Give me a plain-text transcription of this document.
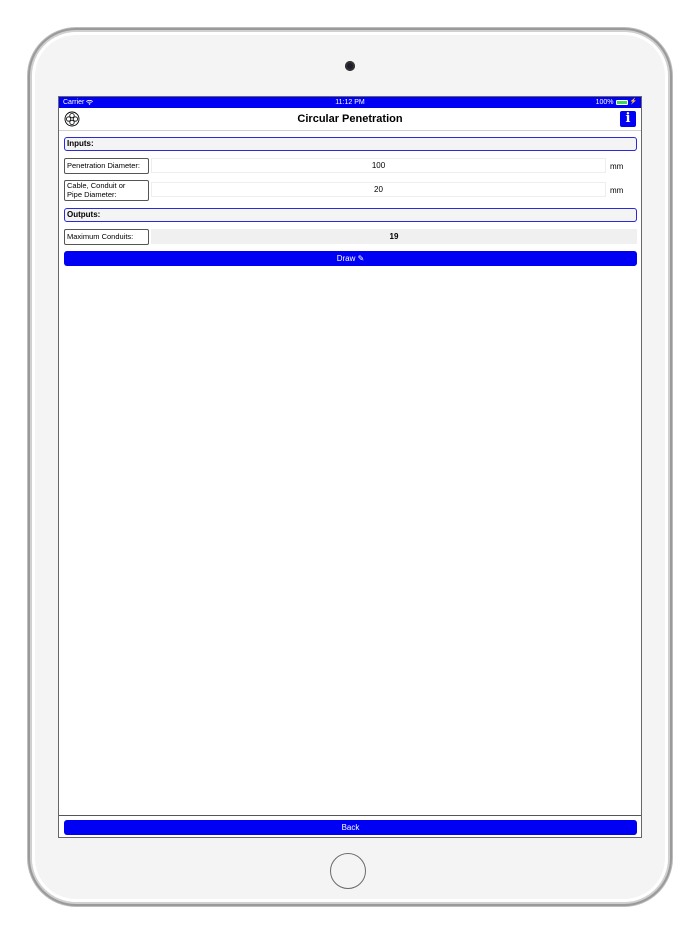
Carrier	11:12 PM	100%	⚡
Circular Penetration	i
Inputs:
Penetration Diameter:	100	mm
Cable, Conduit or
Pipe Diameter:	20	mm
Outputs:
Maximum Conduits:	19
Draw ✎
Back
